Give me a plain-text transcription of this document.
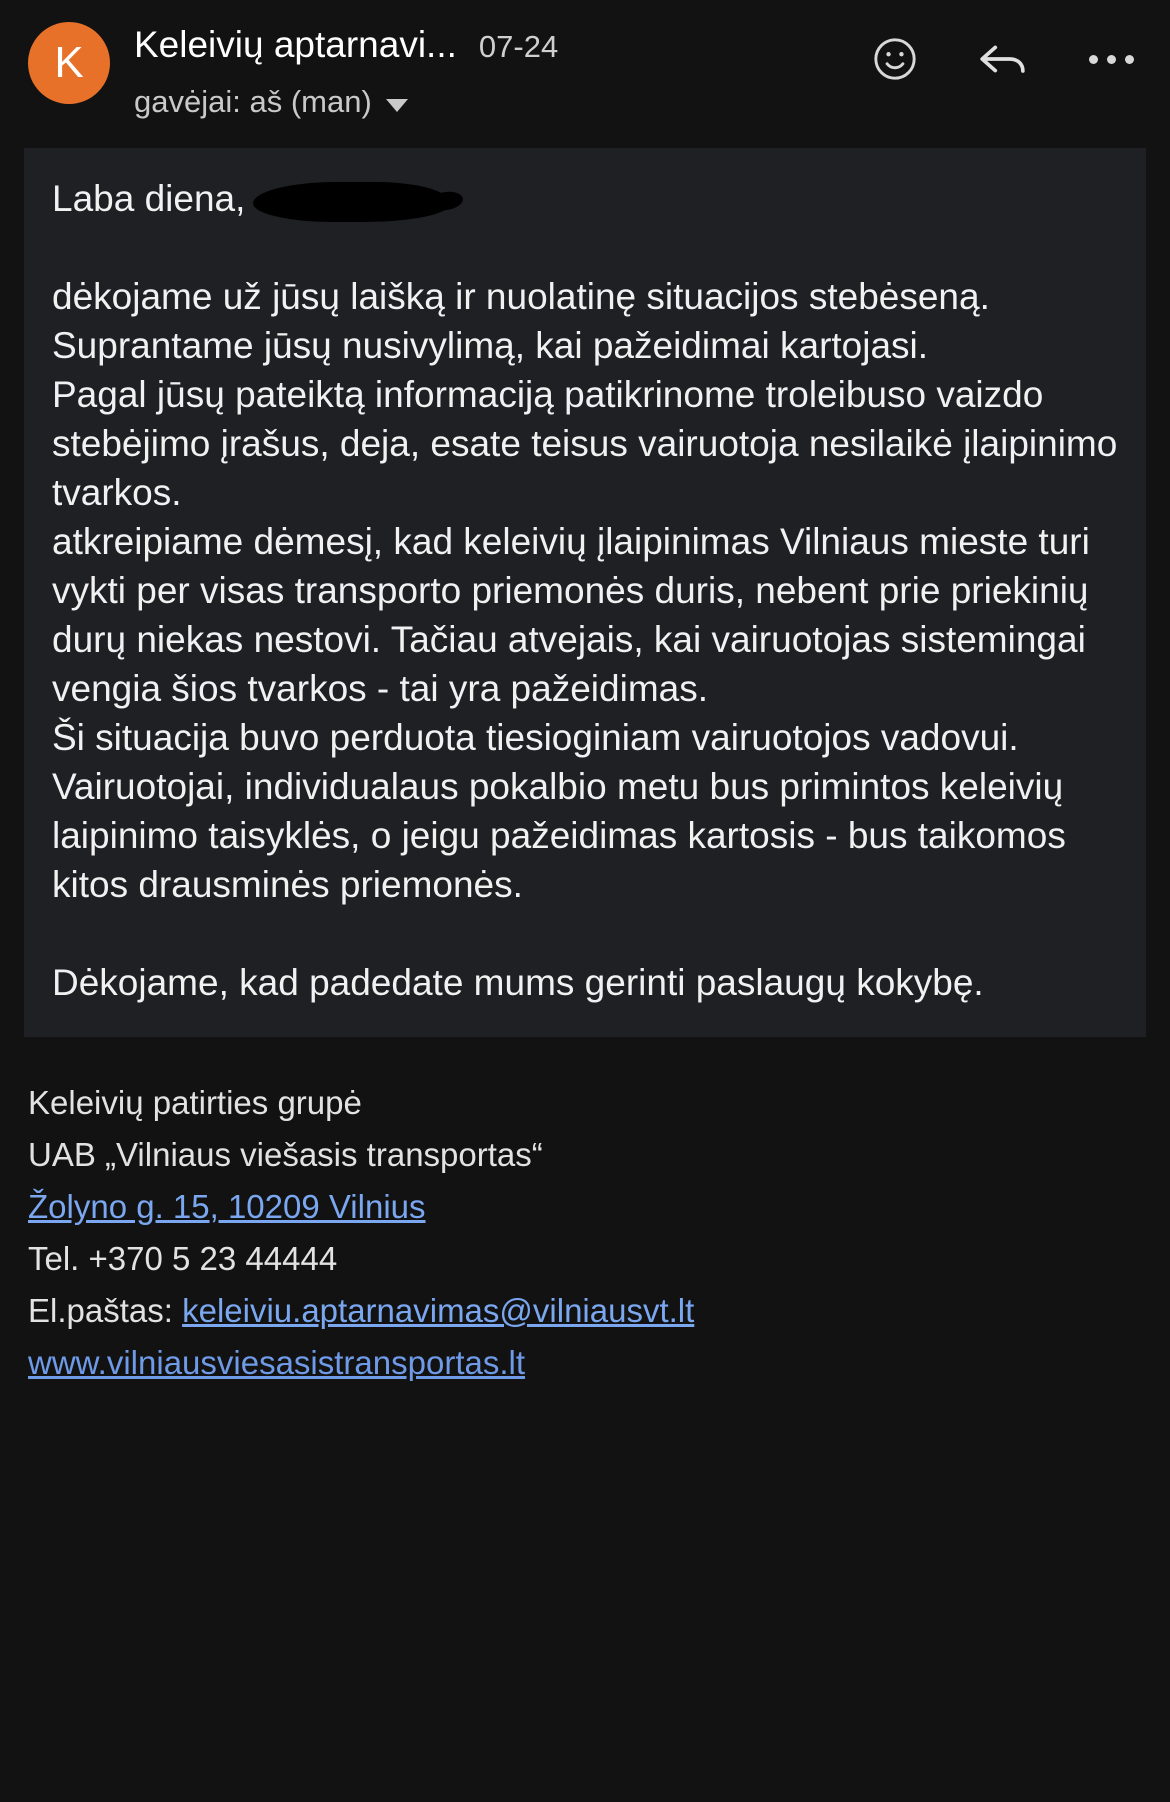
K	Keleivių aptarnavi... 07-24
gavėjai: aš (man)
Laba diena,

dėkojame už jūsų laišką ir nuolatinę situacijos stebėseną. Suprantame jūsų nusivylimą, kai pažeidimai kartojasi.

Pagal jūsų pateiktą informaciją patikrinome troleibuso vaizdo stebėjimo įrašus, deja, esate teisus vairuotoja nesilaikė įlaipinimo tvarkos.

atkreipiame dėmesį, kad keleivių įlaipinimas Vilniaus mieste turi vykti per visas transporto priemonės duris, nebent prie priekinių durų niekas nestovi. Tačiau atvejais, kai vairuotojas sistemingai vengia šios tvarkos - tai yra pažeidimas.

Ši situacija buvo perduota tiesioginiam vairuotojos vadovui. Vairuotojai, individualaus pokalbio metu bus primintos keleivių laipinimo taisyklės, o jeigu pažeidimas kartosis - bus taikomos kitos drausminės priemonės.

Dėkojame, kad padedate mums gerinti paslaugų kokybę.

Keleivių patirties grupė
UAB „Vilniaus viešasis transportas“
Žolyno g. 15, 10209 Vilnius
Tel. +370 5 23 44444
El.paštas: keleiviu.aptarnavimas@vilniausvt.lt
www.vilniausviesasistransportas.lt
